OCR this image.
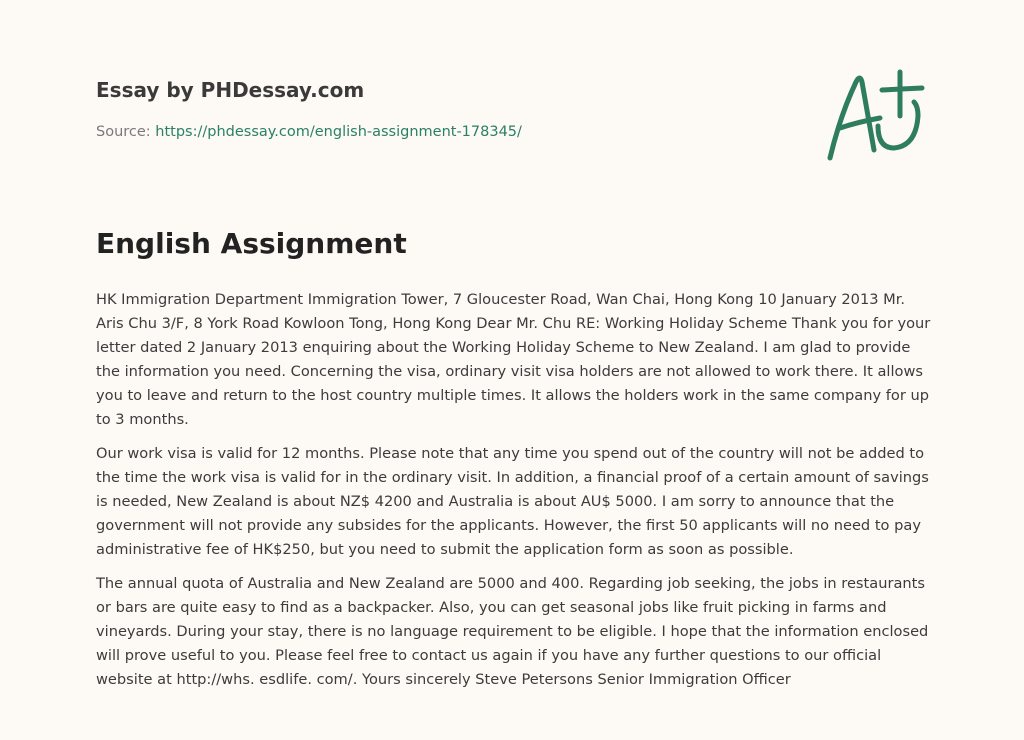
Essay by PHDessay.com
Source: https://phdessay.com/english-assignment-178345/
English Assignment

HK Immigration Department Immigration Tower, 7 Gloucester Road, Wan Chai, Hong Kong 10 January 2013 Mr. Aris Chu 3/F, 8 York Road Kowloon Tong, Hong Kong Dear Mr. Chu RE: Working Holiday Scheme Thank you for your letter dated 2 January 2013 enquiring about the Working Holiday Scheme to New Zealand. I am glad to provide the information you need. Concerning the visa, ordinary visit visa holders are not allowed to work there. It allows you to leave and return to the host country multiple times. It allows the holders work in the same company for up to 3 months.

Our work visa is valid for 12 months. Please note that any time you spend out of the country will not be added to the time the work visa is valid for in the ordinary visit. In addition, a financial proof of a certain amount of savings is needed, New Zealand is about NZ$ 4200 and Australia is about AU$ 5000. I am sorry to announce that the government will not provide any subsides for the applicants. However, the first 50 applicants will no need to pay administrative fee of HK$250, but you need to submit the application form as soon as possible.

The annual quota of Australia and New Zealand are 5000 and 400. Regarding job seeking, the jobs in restaurants or bars are quite easy to find as a backpacker. Also, you can get seasonal jobs like fruit picking in farms and vineyards. During your stay, there is no language requirement to be eligible. I hope that the information enclosed will prove useful to you. Please feel free to contact us again if you have any further questions to our official website at http://whs. esdlife. com/. Yours sincerely Steve Petersons Senior Immigration Officer
